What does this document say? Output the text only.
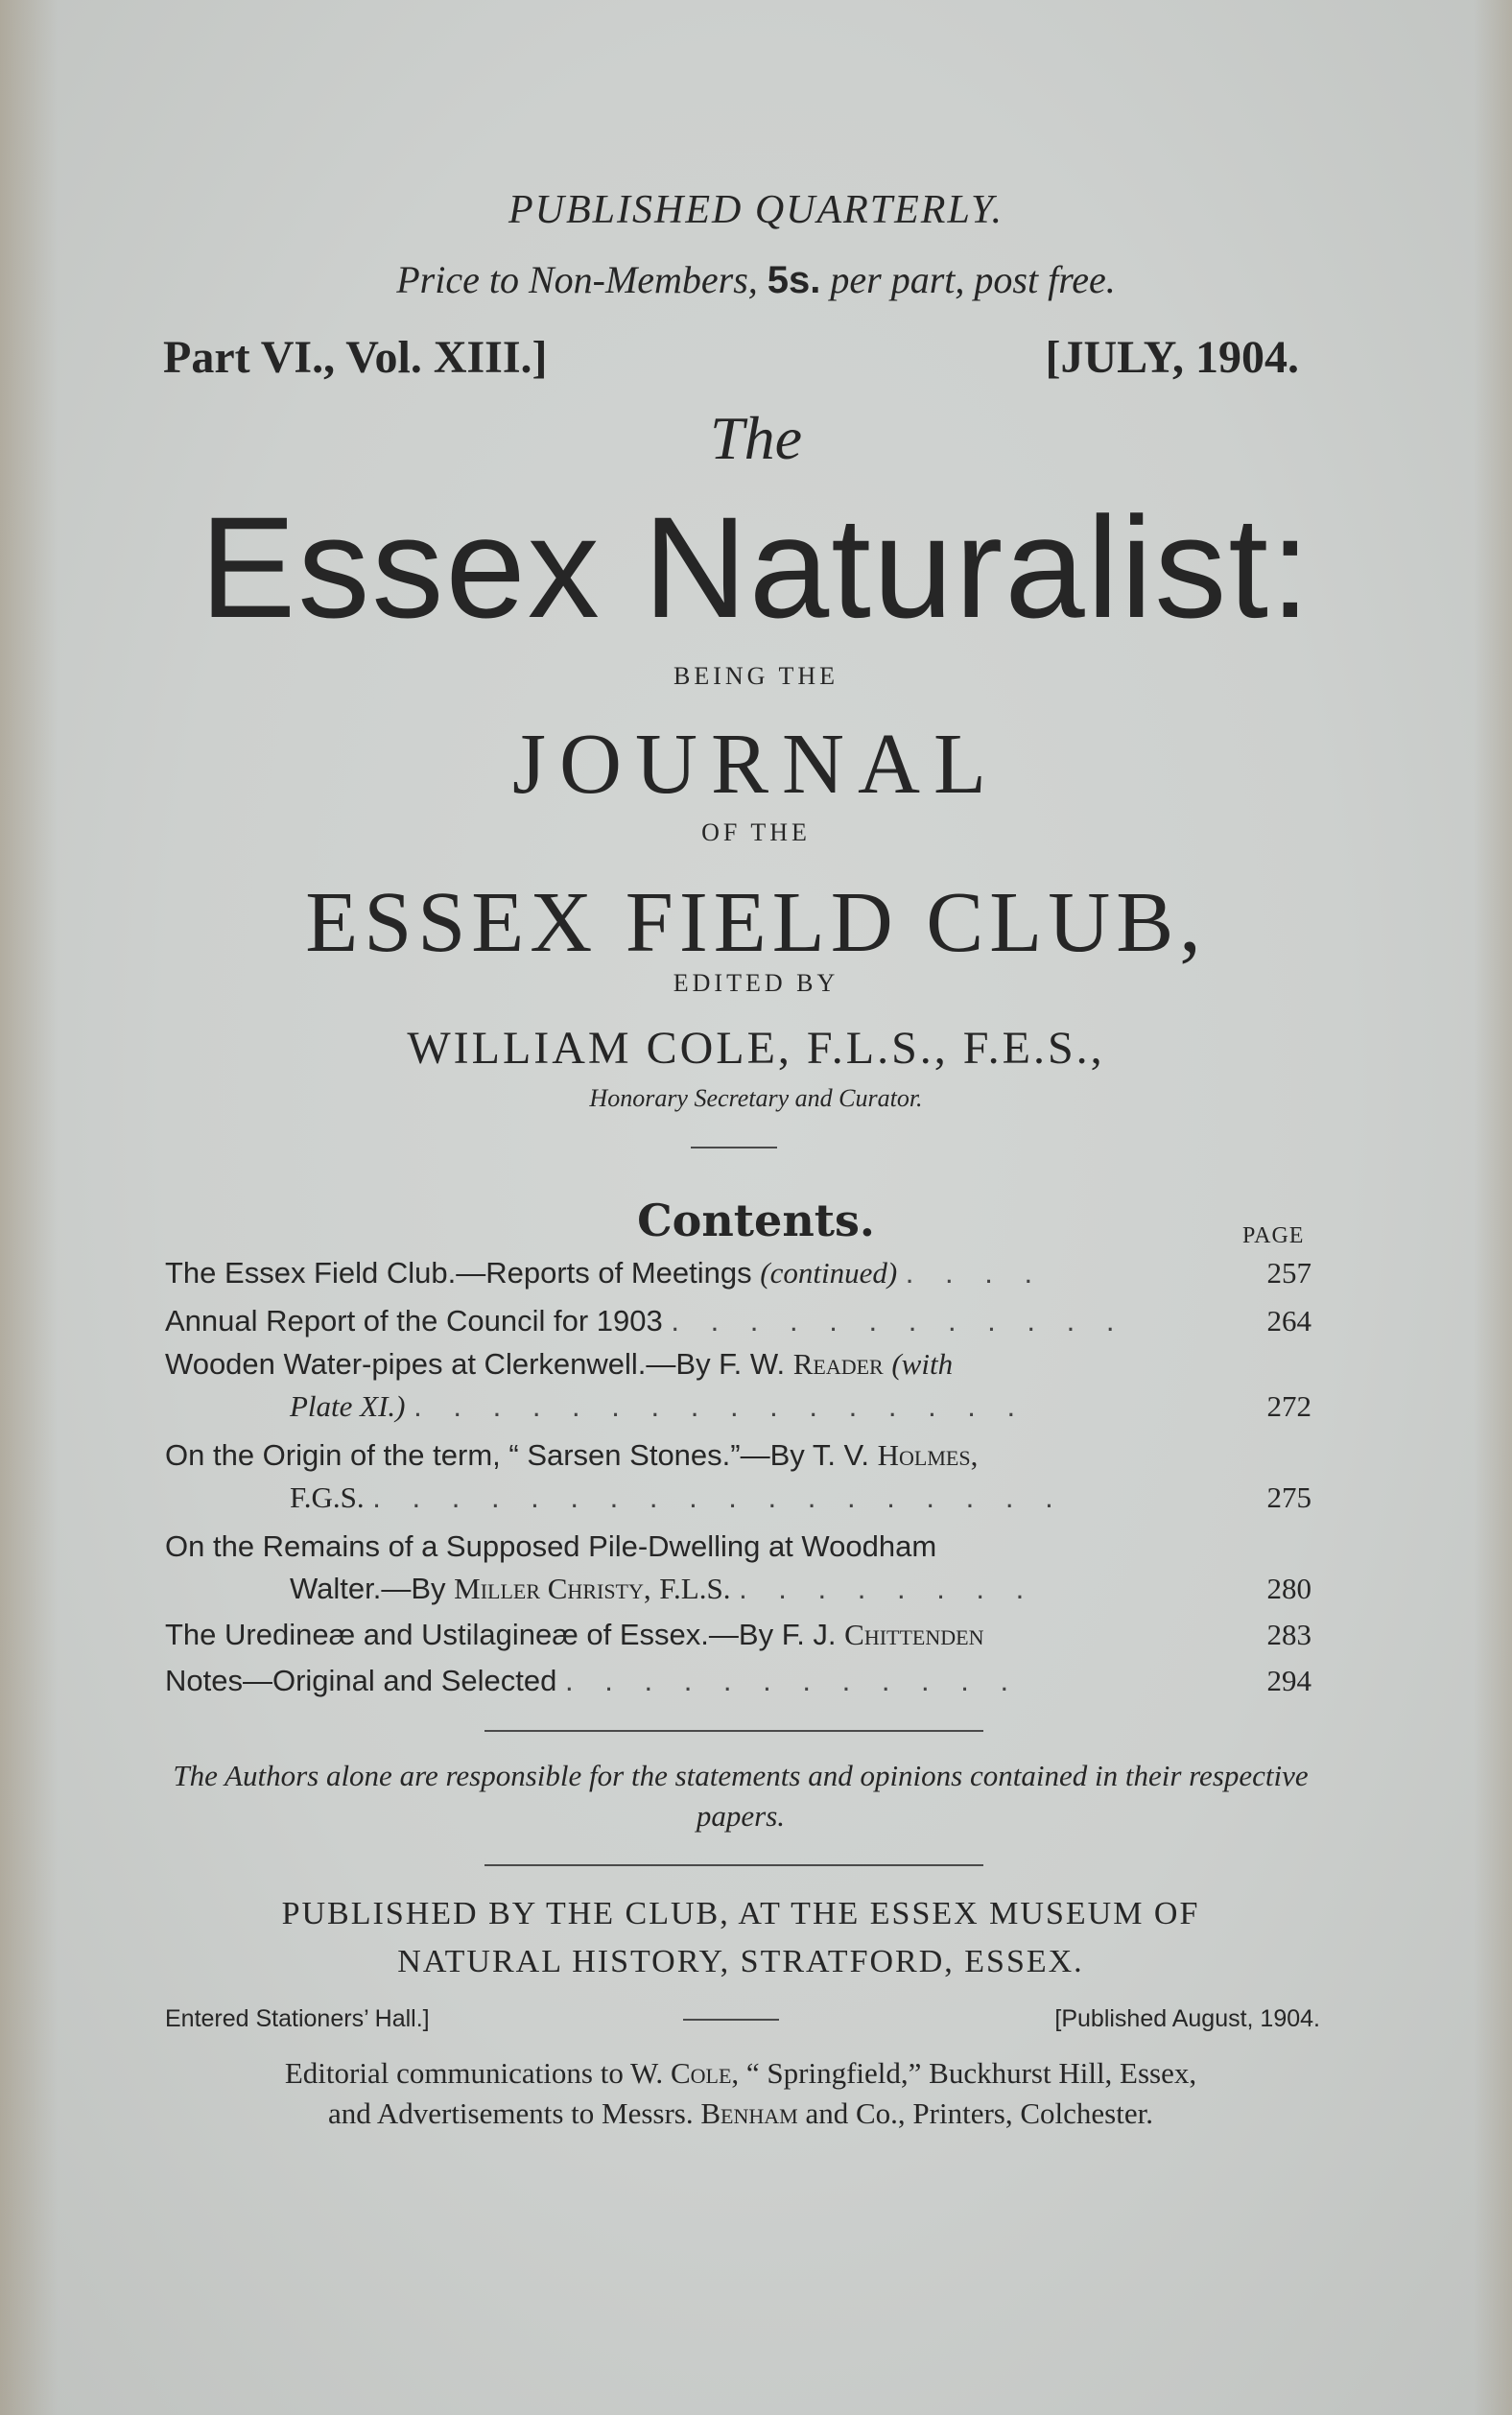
PUBLISHED QUARTERLY.
Price to Non-Members, 5s. per part, post free.
Part VI., Vol. XIII.]	[JULY, 1904.
The
Essex Naturalist:
BEING THE
JOURNAL
OF THE
ESSEX FIELD CLUB,
EDITED BY
WILLIAM COLE, F.L.S., F.E.S.,
Honorary Secretary and Curator.
Contents.	PAGE
The Essex Field Club.—Reports of Meetings (continued) . . . .	257
Annual Report of the Council for 1903 . . . . . . . . . . . .	264
Wooden Water-pipes at Clerkenwell.—By F. W. Reader (with
Plate XI.) . . . . . . . . . . . . . . . .	272
On the Origin of the term, “ Sarsen Stones.”—By T. V. Holmes,
F.G.S. . . . . . . . . . . . . . . . . . .	275
On the Remains of a Supposed Pile-Dwelling at Woodham
Walter.—By Miller Christy, F.L.S. . . . . . . . .	280
The Uredineæ and Ustilagineæ of Essex.—By F. J. Chittenden	283
Notes—Original and Selected . . . . . . . . . . . .	294
The Authors alone are responsible for the statements and opinions contained in their respective papers.
PUBLISHED BY THE CLUB, AT THE ESSEX MUSEUM OF
NATURAL HISTORY, STRATFORD, ESSEX.
Entered Stationers’ Hall.]	[Published August, 1904.
Editorial communications to W. Cole, “ Springfield,” Buckhurst Hill, Essex,
and Advertisements to Messrs. Benham and Co., Printers, Colchester.
